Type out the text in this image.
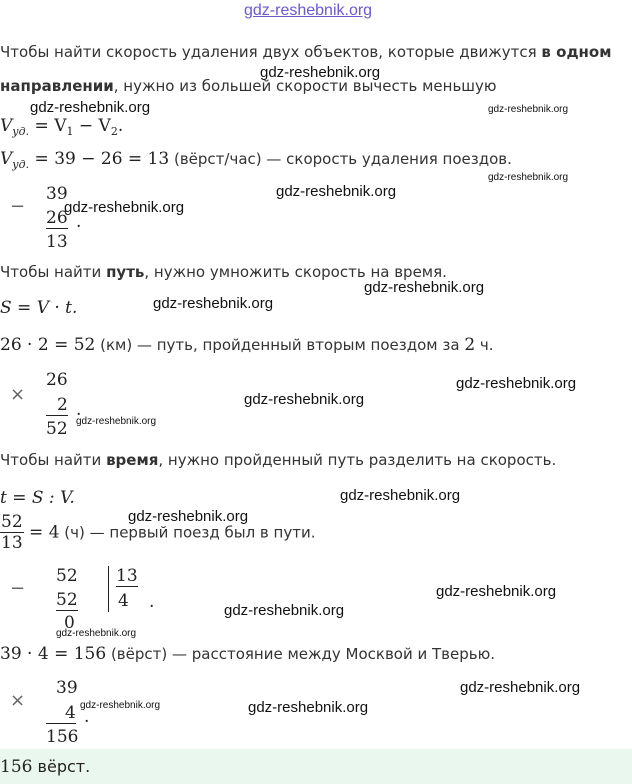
gdz-reshebnik.org
Чтобы найти скорость удаления двух объектов, которые движутся в одном
направлении, нужно из большей скорости вычесть меньшую
gdz-reshebnik.org
gdz-reshebnik.org	gdz-reshebnik.org
$V_{уд.} = V_1 - V_2$.
$V_{уд.} = 39 - 26 = 13$ (вёрст/час) — скорость удаления поездов.
gdz-reshebnik.org
−
39
26
13
.
gdz-reshebnik.org
gdz-reshebnik.org
Чтобы найти путь, нужно умножить скорость на время.
gdz-reshebnik.org
S = V · t.	gdz-reshebnik.org
26 · 2 = 52 (км) — путь, пройденный вторым поездом за 2 ч.
×
26
2
52
.
gdz-reshebnik.org
gdz-reshebnik.org
gdz-reshebnik.org
Чтобы найти время, нужно пройденный путь разделить на скорость.
t = S : V.	gdz-reshebnik.org
gdz-reshebnik.org
$\frac{52}{13} = 4$ (ч) — первый поезд был в пути.
−
52
52
0
13
4 .
gdz-reshebnik.org
gdz-reshebnik.org
gdz-reshebnik.org
39 · 4 = 156 (вёрст) — расстояние между Москвой и Тверью.
×
39
4
156
.
gdz-reshebnik.org	gdz-reshebnik.org
gdz-reshebnik.org
156 вёрст.
